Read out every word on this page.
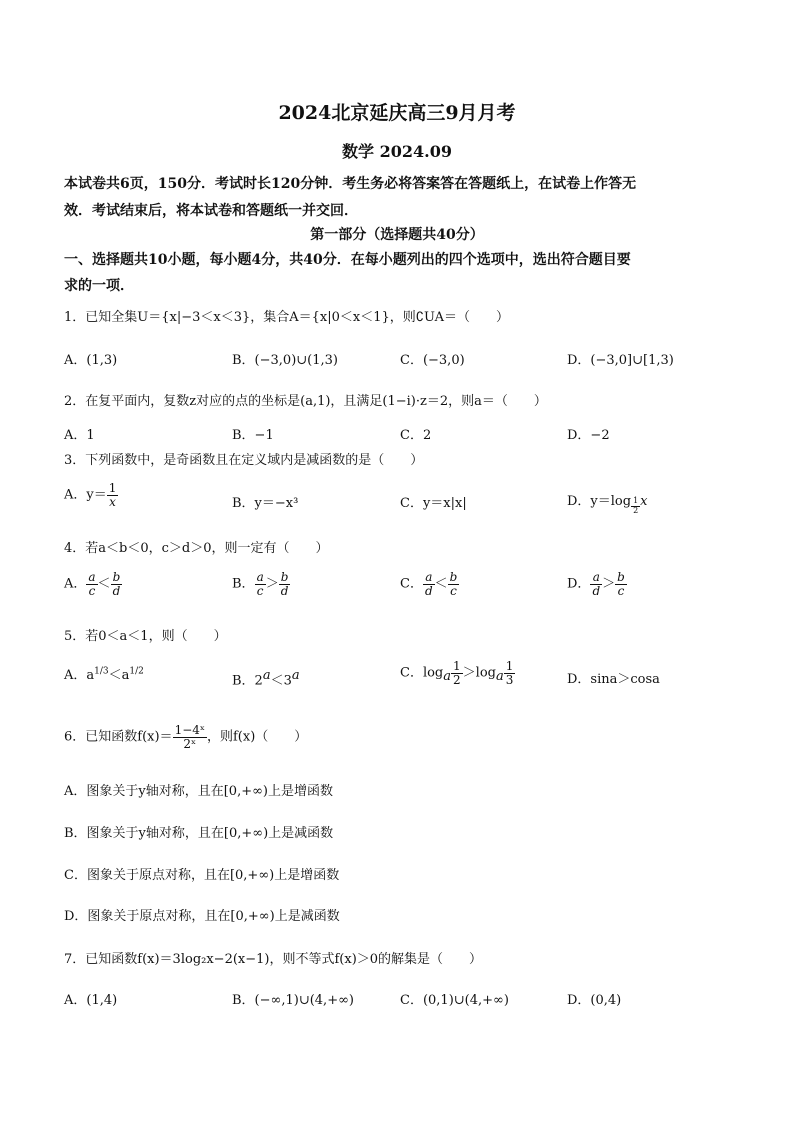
2024北京延庆高三9月月考
数学 2024.09
本试卷共6页，150分．考试时长120分钟．考生务必将答案答在答题纸上，在试卷上作答无
效．考试结束后，将本试卷和答题纸一并交回．
第一部分（选择题共40分）
一、选择题共10小题，每小题4分，共40分．在每小题列出的四个选项中，选出符合题目要
求的一项．
1．已知全集U＝{x|−3＜x＜3}，集合A＝{x|0＜x＜1}，则∁UA＝（　　）
A．(1,3)	B．(−3,0)∪(1,3)	C．(−3,0)	D．(−3,0]∪[1,3)
2．在复平面内，复数z对应的点的坐标是(a,1)，且满足(1−i)·z＝2，则a＝（　　）
A．1	B．−1	C．2	D．−2
3．下列函数中，是奇函数且在定义域内是减函数的是（　　）
A．$y= \frac{1}{x}$	B．y＝−x³	C．y＝x|x|	D．y＝log $_{\frac{1}{2}}$ x
4．若a＜b＜0，c＞d＞0，则一定有（　　）
A． $\frac{a}{c} < \frac{b}{d}$	B． $\frac{a}{c} > \frac{b}{d}$	C． $\frac{a}{d} < \frac{b}{c}$	D． $\frac{a}{d} > \frac{b}{c}$
5．若0＜a＜1，则（　　）
A．$a^{1/3}<a^{1/2}$
B．$2^a<3^a$	C．$\log_a \frac{1}{2} >\log_a \frac{1}{3}$	D．sina＞cosa
6．已知函数$f(x)= \frac{\text{1−4ˣ}}{\text{2ˣ}}$ ，则f(x)（　　）
A．图象关于y轴对称，且在[0,+∞)上是增函数
B．图象关于y轴对称，且在[0,+∞)上是减函数
C．图象关于原点对称，且在[0,+∞)上是增函数
D．图象关于原点对称，且在[0,+∞)上是减函数
7．已知函数f(x)＝3log₂x−2(x−1)，则不等式f(x)＞0的解集是（　　）
A．(1,4)	B．(−∞,1)∪(4,+∞)	C．(0,1)∪(4,+∞)	D．(0,4)
